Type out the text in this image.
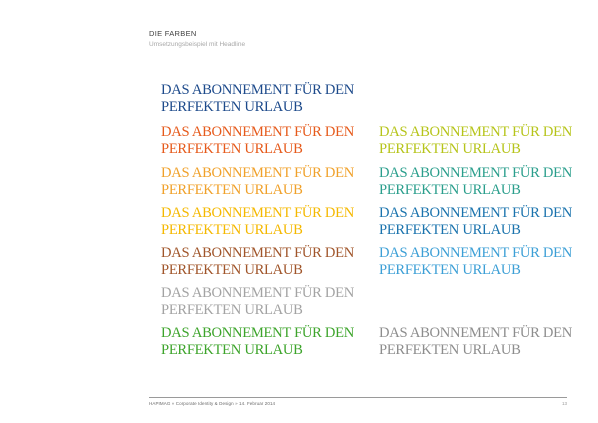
DIE FARBEN
Umsetzungsbeispiel mit Headline

DAS ABONNEMENT FÜR DEN
PERFEKTEN URLAUB

DAS ABONNEMENT FÜR DEN
PERFEKTEN URLAUB

DAS ABONNEMENT FÜR DEN
PERFEKTEN URLAUB

DAS ABONNEMENT FÜR DEN
PERFEKTEN URLAUB

DAS ABONNEMENT FÜR DEN
PERFEKTEN URLAUB

DAS ABONNEMENT FÜR DEN
PERFEKTEN URLAUB

DAS ABONNEMENT FÜR DEN
PERFEKTEN URLAUB

DAS ABONNEMENT FÜR DEN
PERFEKTEN URLAUB

DAS ABONNEMENT FÜR DEN
PERFEKTEN URLAUB

DAS ABONNEMENT FÜR DEN
PERFEKTEN URLAUB

DAS ABONNEMENT FÜR DEN
PERFEKTEN URLAUB

DAS ABONNEMENT FÜR DEN
PERFEKTEN URLAUB

HAPIMAG » Corporate Identity & Design » 14. Februar 2014	13
